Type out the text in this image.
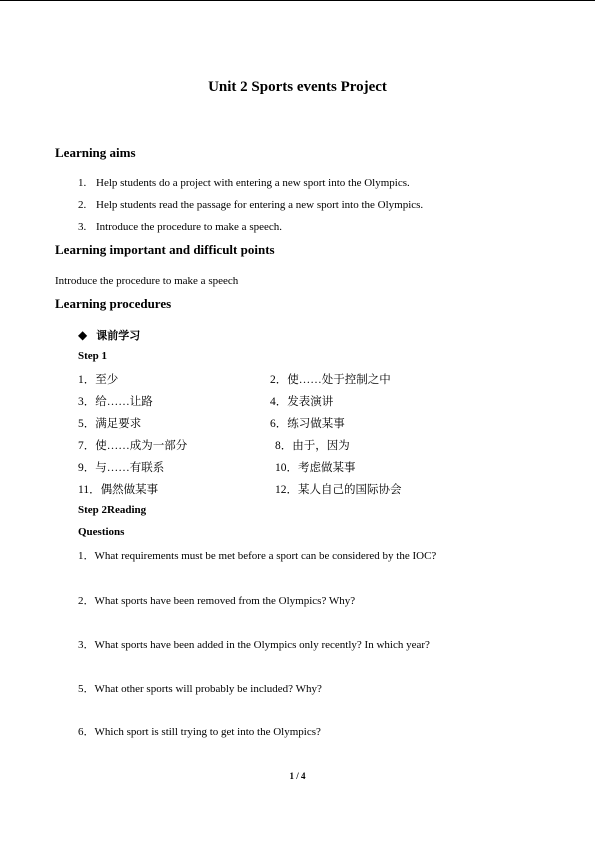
Unit 2 Sports events Project
Learning aims
1. Help students do a project with entering a new sport into the Olympics.
2. Help students read the passage for entering a new sport into the Olympics.
3. Introduce the procedure to make a speech.
Learning important and difficult points
Introduce the procedure to make a speech
Learning procedures
◆ 课前学习
Step 1
1．至少	2．使……处于控制之中
3．给……让路	4．发表演讲
5．满足要求	6．练习做某事
7．使……成为一部分	8．由于，因为
9．与……有联系	10．考虑做某事
11．偶然做某事	12．某人自己的国际协会
Step 2Reading
Questions
1．What requirements must be met before a sport can be considered by the IOC?
2．What sports have been removed from the Olympics? Why?
3．What sports have been added in the Olympics only recently? In which year?
5．What other sports will probably be included? Why?
6．Which sport is still trying to get into the Olympics?
1 / 4
